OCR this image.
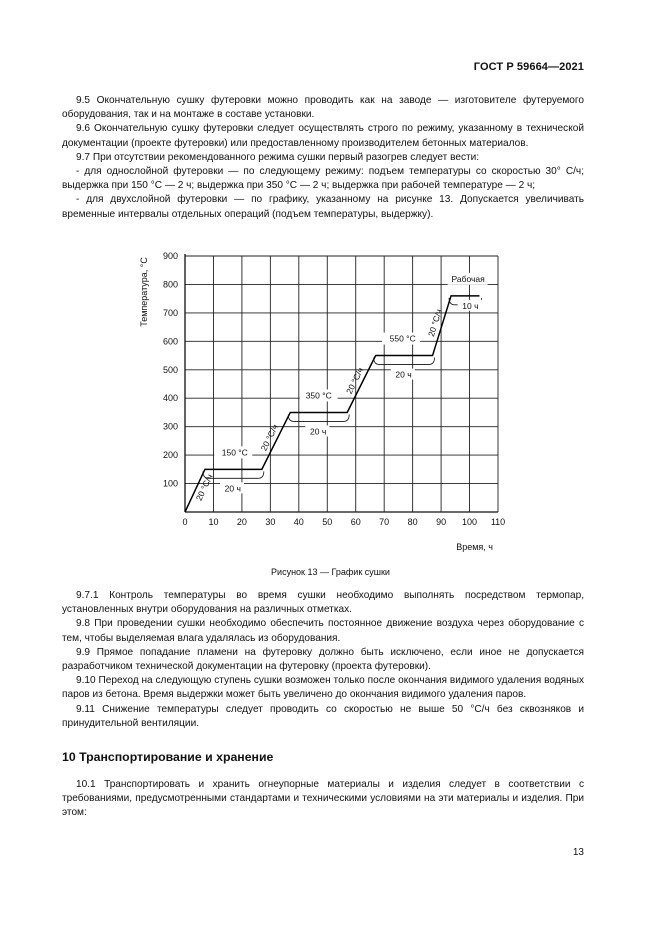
ГОСТ Р 59664—2021

9.5 Окончательную сушку футеровки можно проводить как на заводе — изготовителе футеруемого оборудования, так и на монтаже в составе установки.

9.6 Окончательную сушку футеровки следует осуществлять строго по режиму, указанному в технической документации (проекте футеровки) или предоставленному производителем бетонных материалов.

9.7 При отсутствии рекомендованного режима сушки первый разогрев следует вести:

- для однослойной футеровки — по следующему режиму: подъем температуры со скоростью 30° С/ч; выдержка при 150 °С — 2 ч; выдержка при 350 °С — 2 ч; выдержка при рабочей температуре — 2 ч;

- для двухслойной футеровки — по графику, указанному на рисунке 13. Допускается увеличивать временные интервалы отдельных операций (подъем температуры, выдержку).

0 10 20 30 40 50 60 70 80 90 100 110
100
200
300
400
500
600
700
800
900
150 °С
350 °С
550 °С
Рабочая
20 ч
20 ч
20 ч
10 ч
20 °С/ч
20 °С/ч
20 °С/ч
20 °С/ч
Температура, °С
Время, ч
Рисунок 13 — График сушки

9.7.1 Контроль температуры во время сушки необходимо выполнять посредством термопар, установленных внутри оборудования на различных отметках.

9.8 При проведении сушки необходимо обеспечить постоянное движение воздуха через оборудование с тем, чтобы выделяемая влага удалялась из оборудования.

9.9 Прямое попадание пламени на футеровку должно быть исключено, если иное не допускается разработчиком технической документации на футеровку (проекта футеровки).

9.10 Переход на следующую ступень сушки возможен только после окончания видимого удаления водяных паров из бетона. Время выдержки может быть увеличено до окончания видимого удаления паров.

9.11 Снижение температуры следует проводить со скоростью не выше 50 °С/ч без сквозняков и принудительной вентиляции.

10 Транспортирование и хранение

10.1 Транспортировать и хранить огнеупорные материалы и изделия следует в соответствии с требованиями, предусмотренными стандартами и техническими условиями на эти материалы и изделия. При этом:

13
